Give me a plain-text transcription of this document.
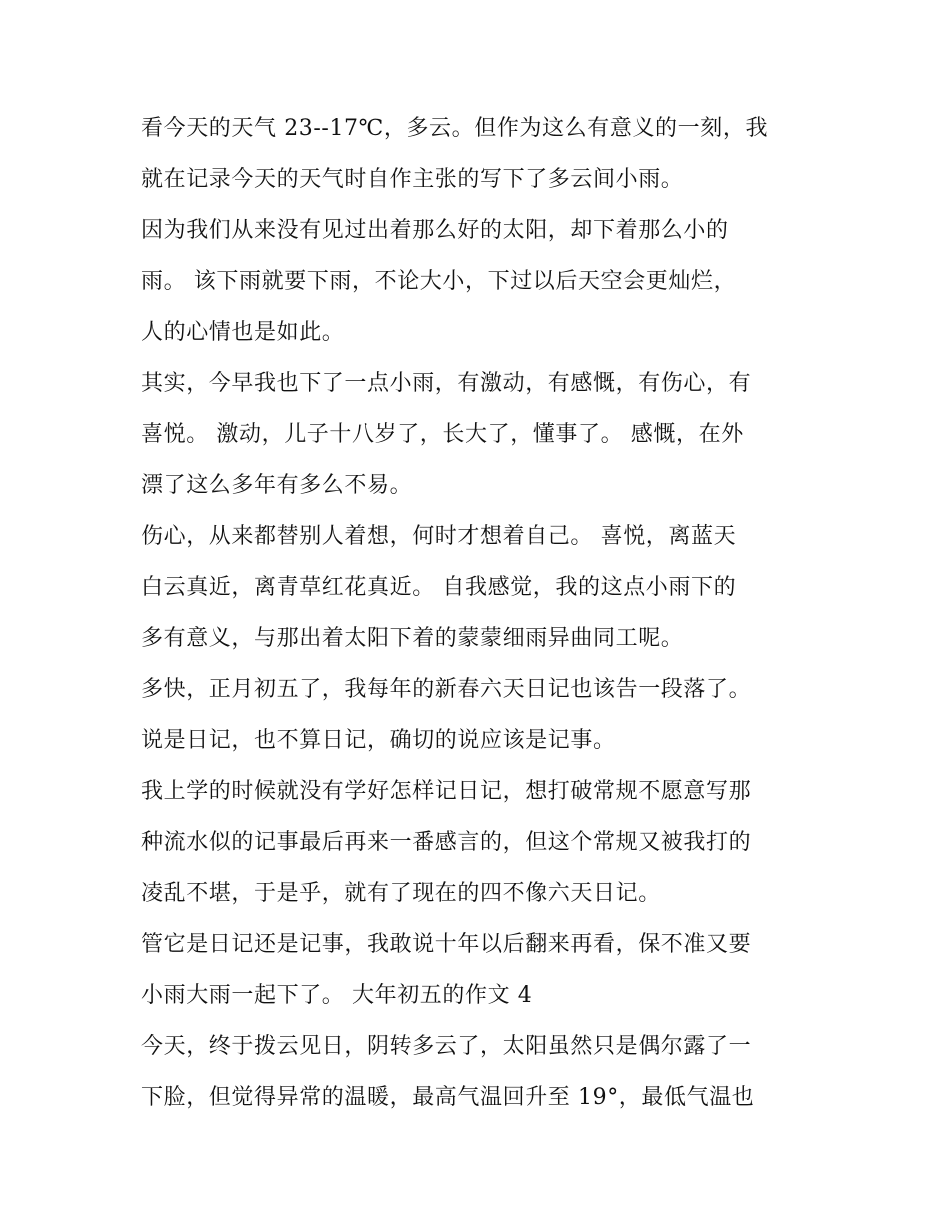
看今天的天气 23--17℃，多云。但作为这么有意义的一刻，我
就在记录今天的天气时自作主张的写下了多云间小雨。
因为我们从来没有见过出着那么好的太阳，却下着那么小的
雨。 该下雨就要下雨，不论大小，下过以后天空会更灿烂，
人的心情也是如此。
其实，今早我也下了一点小雨，有激动，有感慨，有伤心，有
喜悦。 激动，儿子十八岁了，长大了，懂事了。 感慨，在外
漂了这么多年有多么不易。
伤心，从来都替别人着想，何时才想着自己。 喜悦，离蓝天
白云真近，离青草红花真近。 自我感觉，我的这点小雨下的
多有意义，与那出着太阳下着的蒙蒙细雨异曲同工呢。
多快，正月初五了，我每年的新春六天日记也该告一段落了。
说是日记，也不算日记，确切的说应该是记事。
我上学的时候就没有学好怎样记日记，想打破常规不愿意写那
种流水似的记事最后再来一番感言的，但这个常规又被我打的
凌乱不堪，于是乎，就有了现在的四不像六天日记。
管它是日记还是记事，我敢说十年以后翻来再看，保不准又要
小雨大雨一起下了。 大年初五的作文 4
今天，终于拨云见日，阴转多云了，太阳虽然只是偶尔露了一
下脸，但觉得异常的温暖，最高气温回升至 19°，最低气温也
